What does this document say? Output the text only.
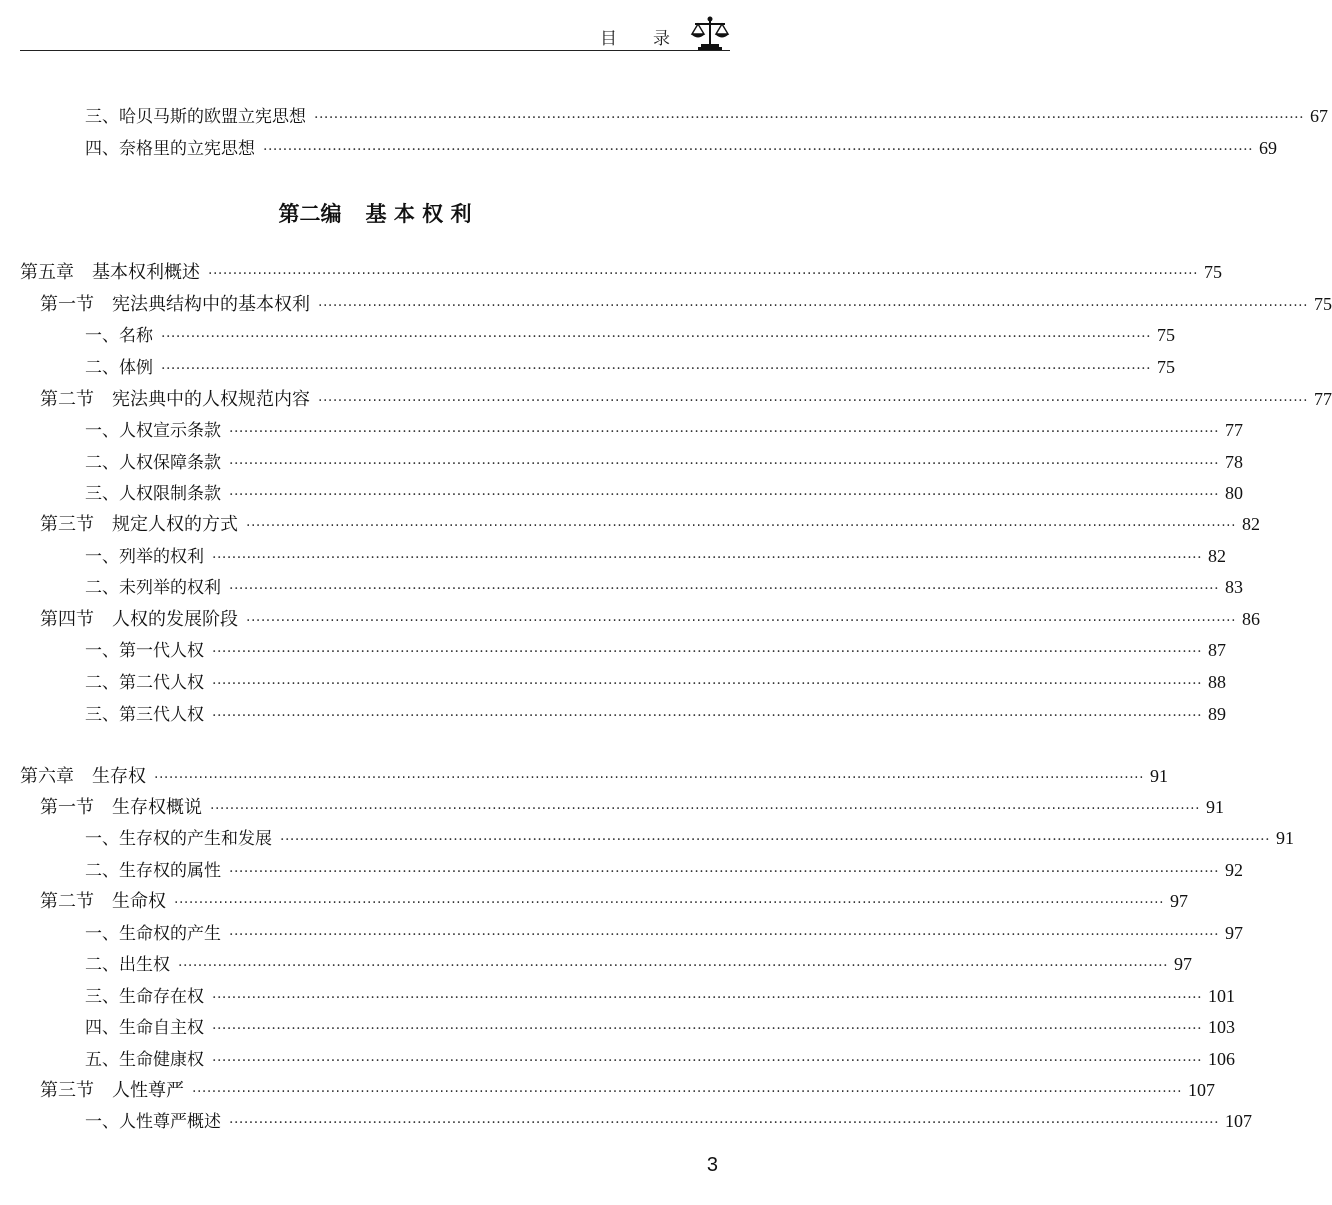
目 录
三、哈贝马斯的欧盟立宪思想 ········································································································································································································ 67
四、奈格里的立宪思想 ········································································································································································································ 69
第二编 基 本 权 利
第五章 基本权利概述 ········································································································································································································ 75
第一节 宪法典结构中的基本权利 ········································································································································································································ 75
一、名称 ········································································································································································································ 75
二、体例 ········································································································································································································ 75
第二节 宪法典中的人权规范内容 ········································································································································································································ 77
一、人权宣示条款 ········································································································································································································ 77
二、人权保障条款 ········································································································································································································ 78
三、人权限制条款 ········································································································································································································ 80
第三节 规定人权的方式 ········································································································································································································ 82
一、列举的权利 ········································································································································································································ 82
二、未列举的权利 ········································································································································································································ 83
第四节 人权的发展阶段 ········································································································································································································ 86
一、第一代人权 ········································································································································································································ 87
二、第二代人权 ········································································································································································································ 88
三、第三代人权 ········································································································································································································ 89
第六章 生存权 ········································································································································································································ 91
第一节 生存权概说 ········································································································································································································ 91
一、生存权的产生和发展 ········································································································································································································ 91
二、生存权的属性 ········································································································································································································ 92
第二节 生命权 ········································································································································································································ 97
一、生命权的产生 ········································································································································································································ 97
二、出生权 ········································································································································································································ 97
三、生命存在权 ········································································································································································································ 101
四、生命自主权 ········································································································································································································ 103
五、生命健康权 ········································································································································································································ 106
第三节 人性尊严 ········································································································································································································ 107
一、人性尊严概述 ········································································································································································································ 107
3
